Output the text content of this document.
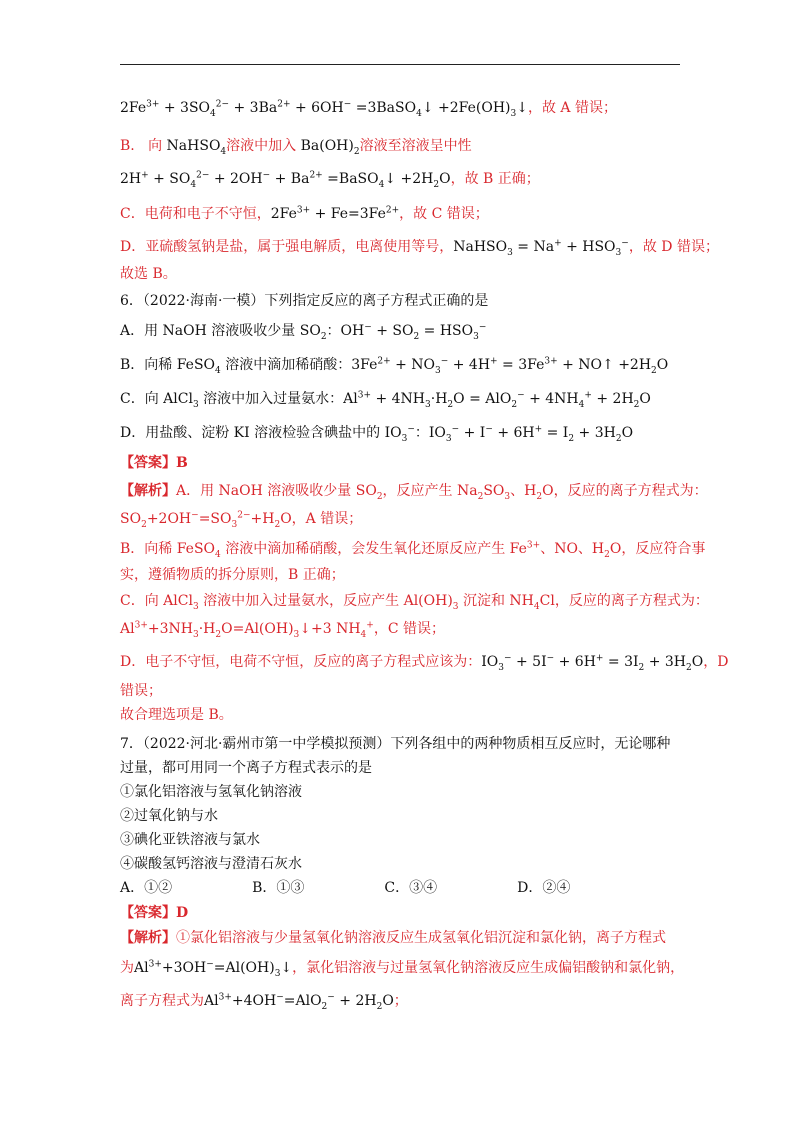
$2Fe^{3+} + 3SO_4^{2-} + 3Ba^{2+} + 6OH^-$ =3BaSO$_4$↓ $+2Fe(OH)_3↓$，故 A 错误；
B.   向 NaHSO$_4$溶液中加入 $Ba(OH)_2$溶液至溶液呈中性
$2H^+ + SO_4^{2-} + 2OH^- + Ba^{2+}$ =BaSO$_4$↓ $+2H_2O$，故 B 正确；
C．电荷和电子不守恒，$2Fe^{3+} + Fe=3Fe^{2+}$，故 C 错误；
D．亚硫酸氢钠是盐，属于强电解质，电离使用等号，NaHSO$_3$ = $Na^+ + HSO_3^-$，故 D 错误；
故选 B。
6．（2022·海南·一模）下列指定反应的离子方程式正确的是
A．用 NaOH 溶液吸收少量 $SO_2$：$OH^- + SO_2 = HSO_3^-$
B．向稀 FeSO$_4$ 溶液中滴加稀硝酸：$3Fe^{2+} + NO_3^- + 4H^+ = 3Fe^{3+}$ + NO↑ $+2H_2O$
C．向 AlCl$_3$ 溶液中加入过量氨水：$Al^{3+} + 4NH_3\cdot H_2O = AlO_2^- + 4NH_4^+ + 2H_2O$
D．用盐酸、淀粉 KI 溶液检验含碘盐中的 $IO_3^-$：$IO_3^- + I^- + 6H^+ = I_2 + 3H_2O$
【答案】B
【解析】A．用 NaOH 溶液吸收少量 $SO_2$，反应产生 $Na_2SO_3$、$H_2O$，反应的离子方程式为：
$SO_2+2OH^-=SO_3^{2-}+H_2O$，A 错误；
B．向稀 FeSO$_4$ 溶液中滴加稀硝酸，会发生氧化还原反应产生 $Fe^{3+}$、NO、$H_2O$，反应符合事
实，遵循物质的拆分原则，B 正确；
C．向 AlCl$_3$ 溶液中加入过量氨水，反应产生 $Al(OH)_3$ 沉淀和 $NH_4Cl$，反应的离子方程式为：
$Al^{3+}+3NH_3\cdot H_2O=Al(OH)_3↓+3$ $NH_4^+$，C 错误；
D．电子不守恒，电荷不守恒，反应的离子方程式应该为：$IO_3^- + 5I^- + 6H^+ = 3I_2 + 3H_2O$，D
错误；
故合理选项是 B。
7．（2022·河北·霸州市第一中学模拟预测）下列各组中的两种物质相互反应时，无论哪种
过量，都可用同一个离子方程式表示的是
①氯化铝溶液与氢氧化钠溶液
②过氧化钠与水
③碘化亚铁溶液与氯水
④碳酸氢钙溶液与澄清石灰水
A．①②	B．①③	C．③④	D．②④
【答案】D
【解析】①氯化铝溶液与少量氢氧化钠溶液反应生成氢氧化铝沉淀和氯化钠，离子方程式
为$Al^{3+}+3OH^-=Al(OH)_3↓$，氯化铝溶液与过量氢氧化钠溶液反应生成偏铝酸钠和氯化钠，
离子方程式为$Al^{3+}+4OH^-=AlO_2^- + 2H_2O$；
